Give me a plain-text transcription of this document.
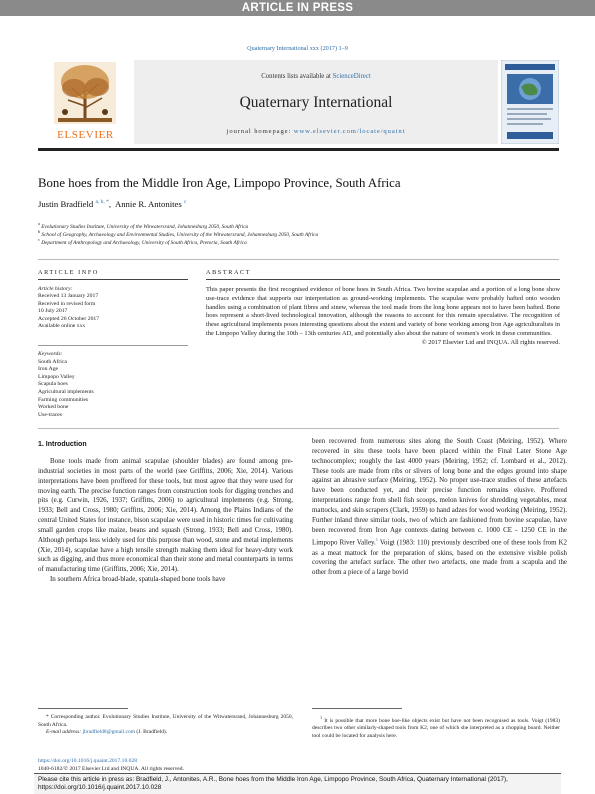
ARTICLE IN PRESS
Quaternary International xxx (2017) 1–9
ELSEVIER
Contents lists available at ScienceDirect
Quaternary International
journal homepage: www.elsevier.com/locate/quaint
Bone hoes from the Middle Iron Age, Limpopo Province, South Africa
Justin Bradfield $^{a, b, *}$,  Annie R. Antonites $^c$
$^a$ Evolutionary Studies Institute, University of the Witwatersrand, Johannesburg 2050, South Africa
$^b$ School of Geography, Archaeology and Environmental Studies, University of the Witwatersrand, Johannesburg 2050, South Africa
$^c$ Department of Anthropology and Archaeology, University of South Africa, Pretoria, South Africa
ARTICLE INFO	ABSTRACT
Article history:
Received 13 January 2017
Received in revised form
10 July 2017
Accepted 26 October 2017
Available online xxx
Keywords:
South Africa
Iron Age
Limpopo Valley
Scapula hoes
Agricultural implements
Farming communities
Worked bone
Use-traces
This paper presents the first recognised evidence of bone hoes in South Africa. Two bovine scapulae and a portion of a long bone show use-trace evidence that supports our interpretation as ground-working implements. The scapulae were probably hafted onto wooden handles using a combination of plant fibres and sinew, whereas the tool made from the long bone appears not to have been hafted. Bone hoes represent a short-lived technological innovation, although the reasons to account for this remain speculative. The recognition of these agricultural implements poses interesting questions about the extent and variety of bone working among Iron Age agriculturalists in the Limpopo Valley during the 10th – 13th centuries AD, and potentially also about the nature of women's work in these communities.
© 2017 Elsevier Ltd and INQUA. All rights reserved.
1. Introduction

Bone tools made from animal scapulae (shoulder blades) are found among pre-industrial societies in most parts of the world (see Griffitts, 2006; Xie, 2014). Various interpretations have been proffered for these tools, but most agree that they were used for moving earth. The precise function ranges from construction tools for digging trenches and pits (e.g. Curwin, 1926, 1937; Griffitts, 2006) to agricultural implements (e.g. Strong, 1933; Bell and Cross, 1980; Griffitts, 2006; Xie, 2014). Among the Plains Indians of the central United States for instance, bison scapulae were used in historic times for cultivating small garden crops like maize, beans and squash (Strong, 1933; Bell and Cross, 1980). Although perhaps less widely used for this purpose than wood, stone and metal implements (Xie, 2014), scapulae have a high tensile strength making them ideal for heavy-duty work such as digging, and thus more economical than their stone and metal counterparts in terms of manufacturing time (Griffitts, 2006; Xie, 2014).

In southern Africa broad-blade, spatula-shaped bone tools have

been recovered from numerous sites along the South Coast (Meiring, 1952). Where recovered in situ these tools have been placed within the Final Later Stone Age technocomplex; roughly the last 4000 years (Meiring, 1952; cf. Lombard et al., 2012). These tools are made from ribs or slivers of long bone and the edges ground into shape against an abrasive surface (Meiring, 1952). No proper use-trace studies of these artefacts have been conducted yet, and their precise function remains elusive. Proffered interpretations range from shell fish scoops, melon knives for shredding vegetables, meat mattocks, and skin scrapers (Clark, 1959) to hand adzes for wood working (Meiring, 1952). Further inland three similar tools, two of which are fashioned from bovine scapulae, have been recovered from Iron Age contexts dating between c. 1000 CE - 1250 CE in the Limpopo River Valley.$^1$ Voigt (1983: 110) previously described one of these tools from K2 as a meat mattock for the preparation of skins, based on the extensive visible polish covering the artefact surface. The other two artefacts, one made from a scapula and the other from a piece of a large bovid

* Corresponding author. Evolutionary Studies Institute, University of the Witwatersrand, Johannesburg 2050, South Africa.
E-mail address: jbradfield8@gmail.com (J. Bradfield).
$^1$ It is possible that more bone hoe-like objects exist but have not been recognised as tools. Voigt (1983) describes two other similarly-shaped tools from K2, one of which she interpreted as a chopping board. Neither tool could be located for analysis here.
https://doi.org/10.1016/j.quaint.2017.10.028
1040-6182/© 2017 Elsevier Ltd and INQUA. All rights reserved.
Please cite this article in press as: Bradfield, J., Antonites, A.R., Bone hoes from the Middle Iron Age, Limpopo Province, South Africa, Quaternary International (2017), https://doi.org/10.1016/j.quaint.2017.10.028
